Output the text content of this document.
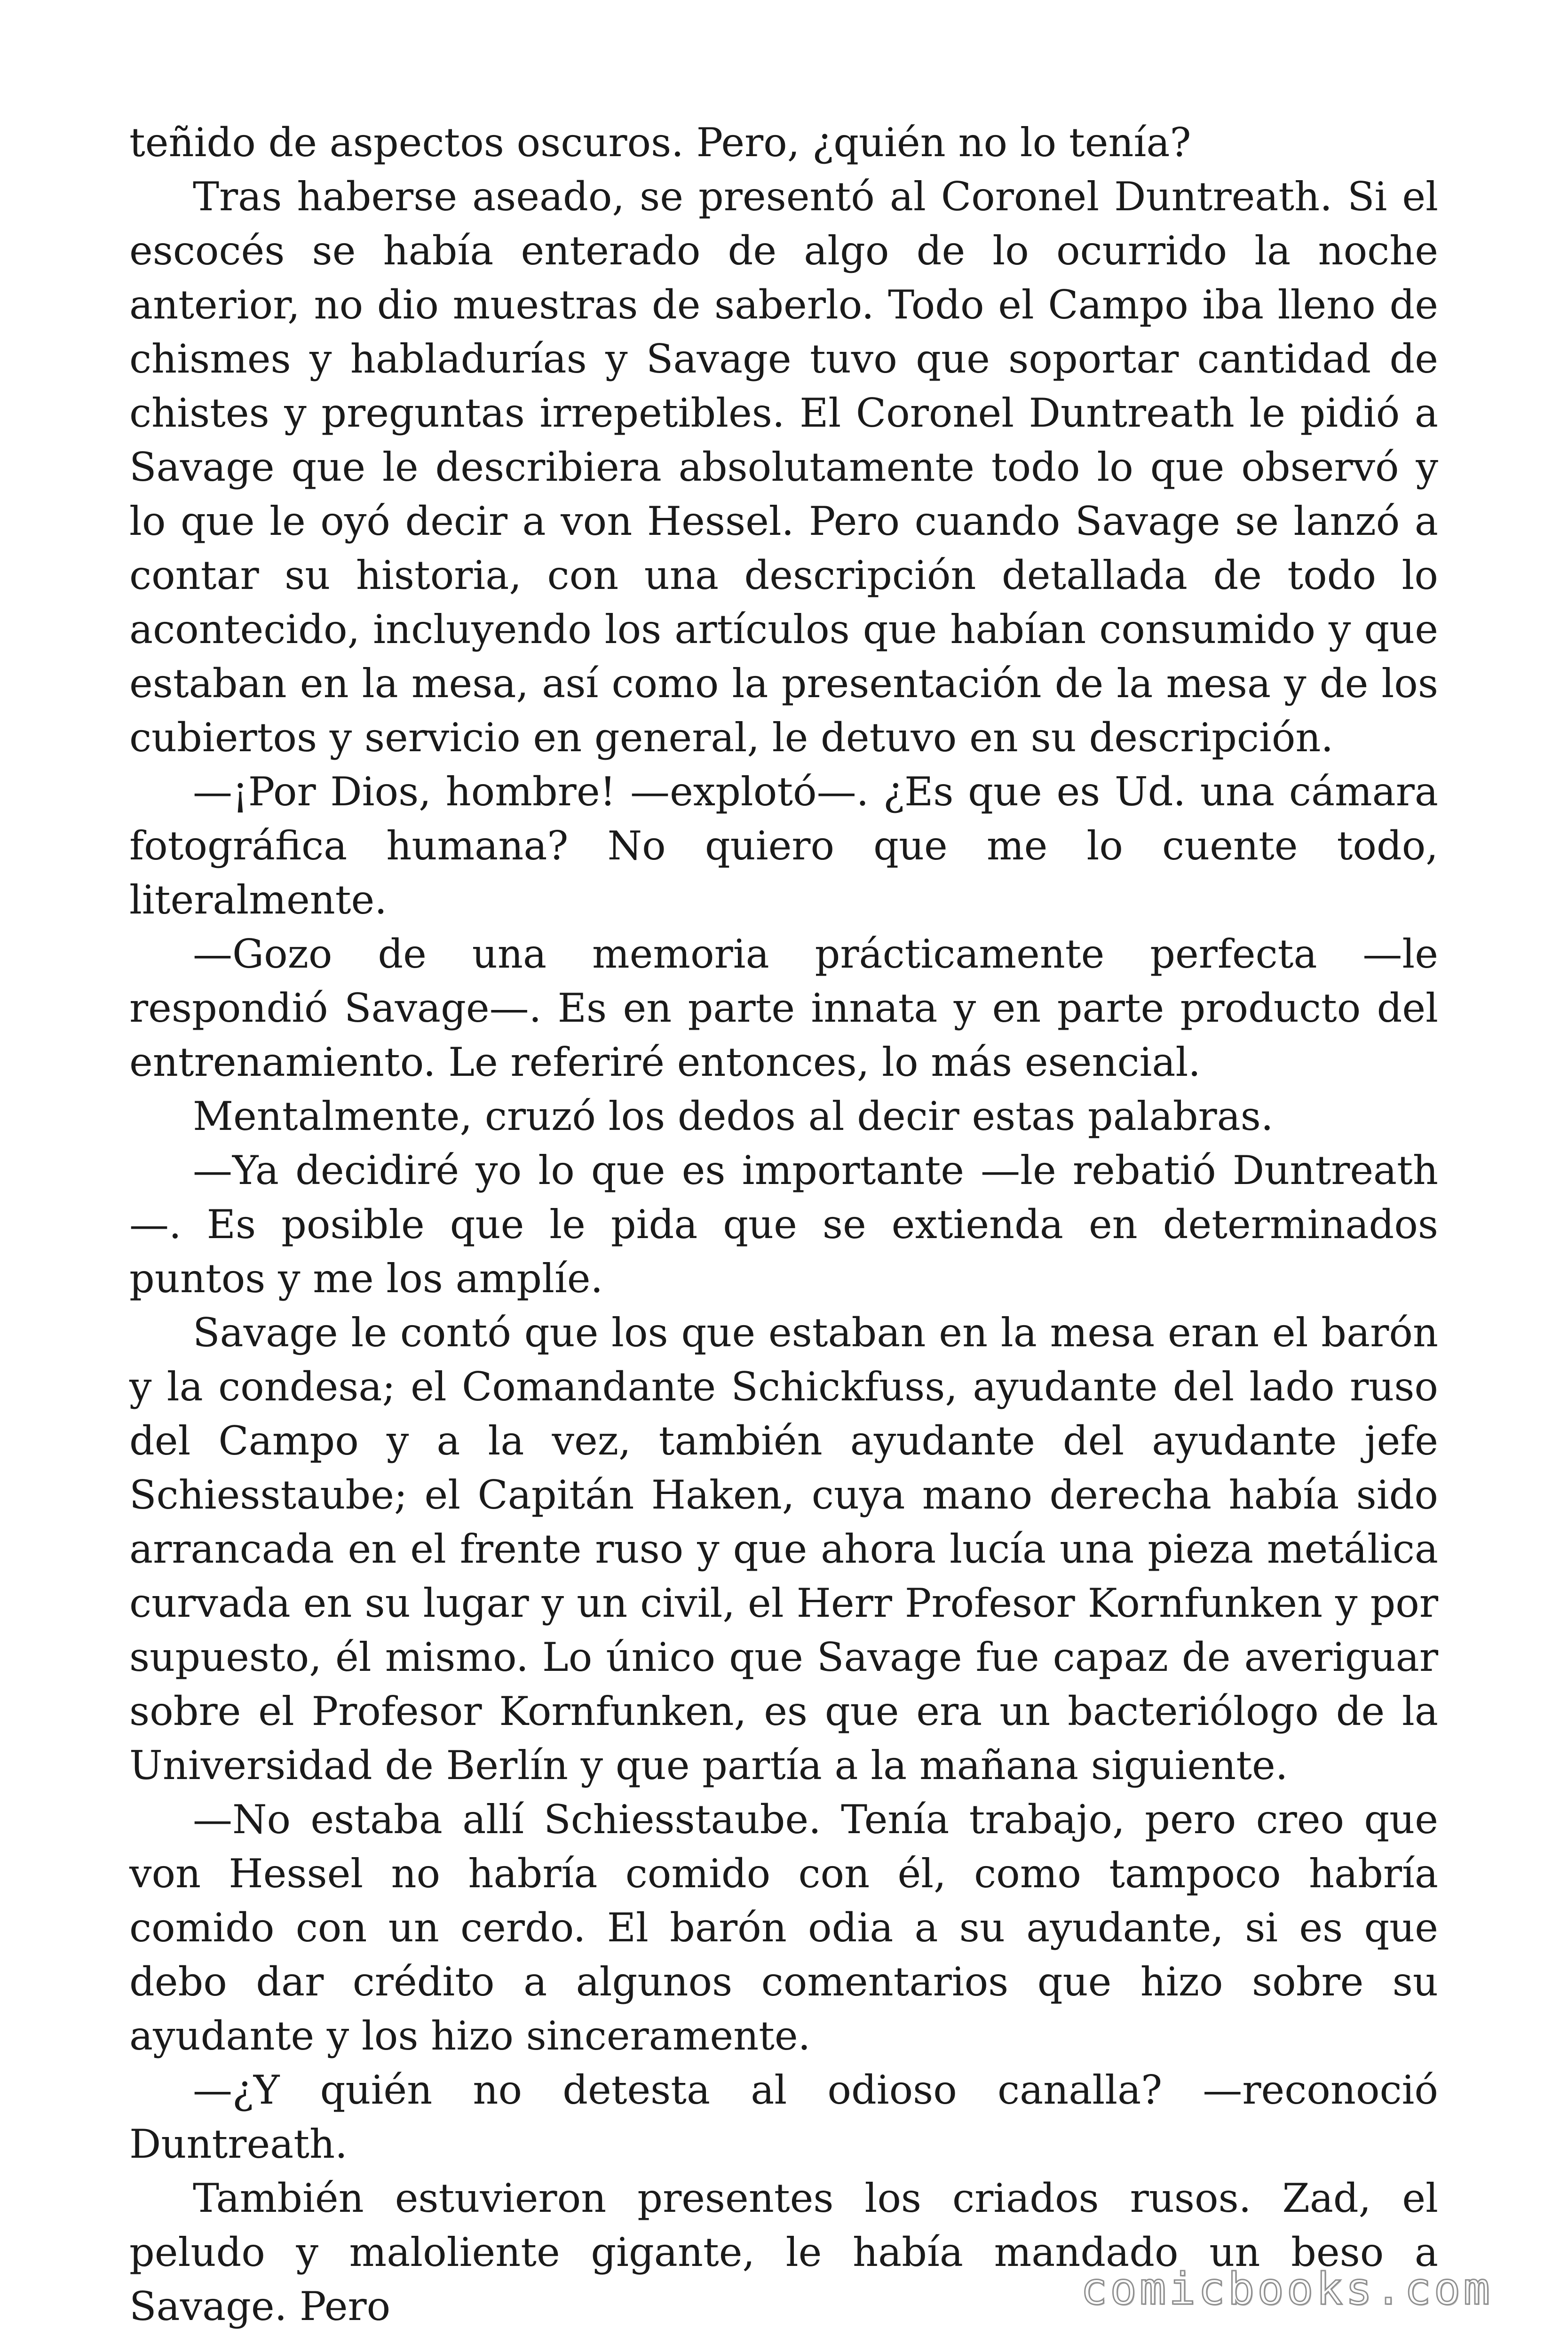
teñido de aspectos oscuros. Pero, ¿quién no lo tenía?

Tras haberse aseado, se presentó al Coronel Duntreath. Si el escocés se había enterado de algo de lo ocurrido la noche anterior, no dio muestras de saberlo. Todo el Campo iba lleno de chismes y habladurías y Savage tuvo que soportar cantidad de chistes y preguntas irrepetibles. El Coronel Duntreath le pidió a Savage que le describiera absolutamente todo lo que observó y lo que le oyó decir a von Hessel. Pero cuando Savage se lanzó a contar su historia, con una descripción detallada de todo lo acontecido, incluyendo los artículos que habían consumido y que estaban en la mesa, así como la presentación de la mesa y de los cubiertos y servicio en general, le detuvo en su descripción.

—¡Por Dios, hombre! —explotó—. ¿Es que es Ud. una cámara fotográfica humana? No quiero que me lo cuente todo, literalmente.

—Gozo de una memoria prácticamente perfecta —le respondió Savage—. Es en parte innata y en parte producto del entrenamiento. Le referiré entonces, lo más esencial.

Mentalmente, cruzó los dedos al decir estas palabras.

—Ya decidiré yo lo que es importante —le rebatió Duntreath—. Es posible que le pida que se extienda en determinados puntos y me los amplíe.

Savage le contó que los que estaban en la mesa eran el barón y la condesa; el Comandante Schickfuss, ayudante del lado ruso del Campo y a la vez, también ayudante del ayudante jefe Schiesstaube; el Capitán Haken, cuya mano derecha había sido arrancada en el frente ruso y que ahora lucía una pieza metálica curvada en su lugar y un civil, el Herr Profesor Kornfunken y por supuesto, él mismo. Lo único que Savage fue capaz de averiguar sobre el Profesor Kornfunken, es que era un bacteriólogo de la Universidad de Berlín y que partía a la mañana siguiente.

—No estaba allí Schiesstaube. Tenía trabajo, pero creo que von Hessel no habría comido con él, como tampoco habría comido con un cerdo. El barón odia a su ayudante, si es que debo dar crédito a algunos comentarios que hizo sobre su ayudante y los hizo sinceramente.

—¿Y quién no detesta al odioso canalla? —reconoció Duntreath.

También estuvieron presentes los criados rusos. Zad, el peludo y maloliente gigante, le había mandado un beso a Savage. Pero	comicbooks.com
